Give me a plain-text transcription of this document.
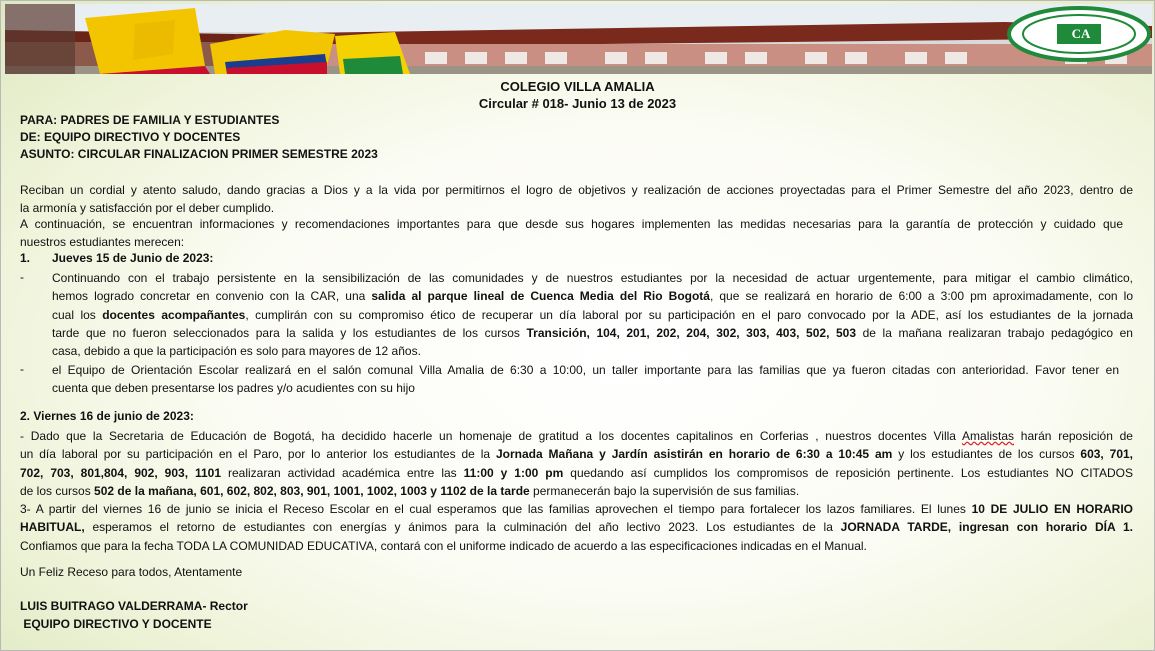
CA
COLEGIO VILLA AMALIA
Circular # 018- Junio 13 de 2023
PARA: PADRES DE FAMILIA Y ESTUDIANTES
DE: EQUIPO DIRECTIVO Y DOCENTES
ASUNTO: CIRCULAR FINALIZACION PRIMER SEMESTRE 2023
Reciban un cordial y atento saludo, dando gracias a Dios y a la vida por permitirnos el logro de objetivos y realización de acciones proyectadas para el Primer Semestre del año 2023, dentro de
la armonía y satisfacción por el deber cumplido.
A continuación, se encuentran informaciones y recomendaciones importantes para que desde sus hogares implementen las medidas necesarias para la garantía de protección y cuidado que
nuestros estudiantes merecen:
1. Jueves 15 de Junio de 2023:
- Continuando con el trabajo persistente en la sensibilización de las comunidades y de nuestros estudiantes por la necesidad de actuar urgentemente, para mitigar el cambio climático,
hemos logrado concretar en convenio con la CAR, una salida al parque lineal de Cuenca Media del Rio Bogotá, que se realizará en horario de 6:00 a 3:00 pm aproximadamente, con lo
cual los docentes acompañantes, cumplirán con su compromiso ético de recuperar un día laboral por su participación en el paro convocado por la ADE, así los estudiantes de la jornada
tarde que no fueron seleccionados para la salida y los estudiantes de los cursos Transición, 104, 201, 202, 204, 302, 303, 403, 502, 503 de la mañana realizaran trabajo pedagógico en
casa, debido a que la participación es solo para mayores de 12 años.
- el Equipo de Orientación Escolar realizará en el salón comunal Villa Amalia de 6:30 a 10:00, un taller importante para las familias que ya fueron citadas con anterioridad. Favor tener en
cuenta que deben presentarse los padres y/o acudientes con su hijo
2. Viernes 16 de junio de 2023:
- Dado que la Secretaria de Educación de Bogotá, ha decidido hacerle un homenaje de gratitud a los docentes capitalinos en Corferias , nuestros docentes Villa Amalistas harán reposición de
un día laboral por su participación en el Paro, por lo anterior los estudiantes de la Jornada Mañana y Jardín asistirán en horario de 6:30 a 10:45 am y los estudiantes de los cursos 603, 701,
702, 703, 801,804, 902, 903, 1101 realizaran actividad académica entre las 11:00 y 1:00 pm quedando así cumplidos los compromisos de reposición pertinente. Los estudiantes NO CITADOS
de los cursos 502 de la mañana, 601, 602, 802, 803, 901, 1001, 1002, 1003 y 1102 de la tarde permanecerán bajo la supervisión de sus familias.
3- A partir del viernes 16 de junio se inicia el Receso Escolar en el cual esperamos que las familias aprovechen el tiempo para fortalecer los lazos familiares. El lunes 10 DE JULIO EN HORARIO
HABITUAL, esperamos el retorno de estudiantes con energías y ánimos para la culminación del año lectivo 2023. Los estudiantes de la JORNADA TARDE, ingresan con horario DÍA 1.
Confiamos que para la fecha TODA LA COMUNIDAD EDUCATIVA, contará con el uniforme indicado de acuerdo a las especificaciones indicadas en el Manual.
Un Feliz Receso para todos, Atentamente
LUIS BUITRAGO VALDERRAMA- Rector
EQUIPO DIRECTIVO Y DOCENTE
